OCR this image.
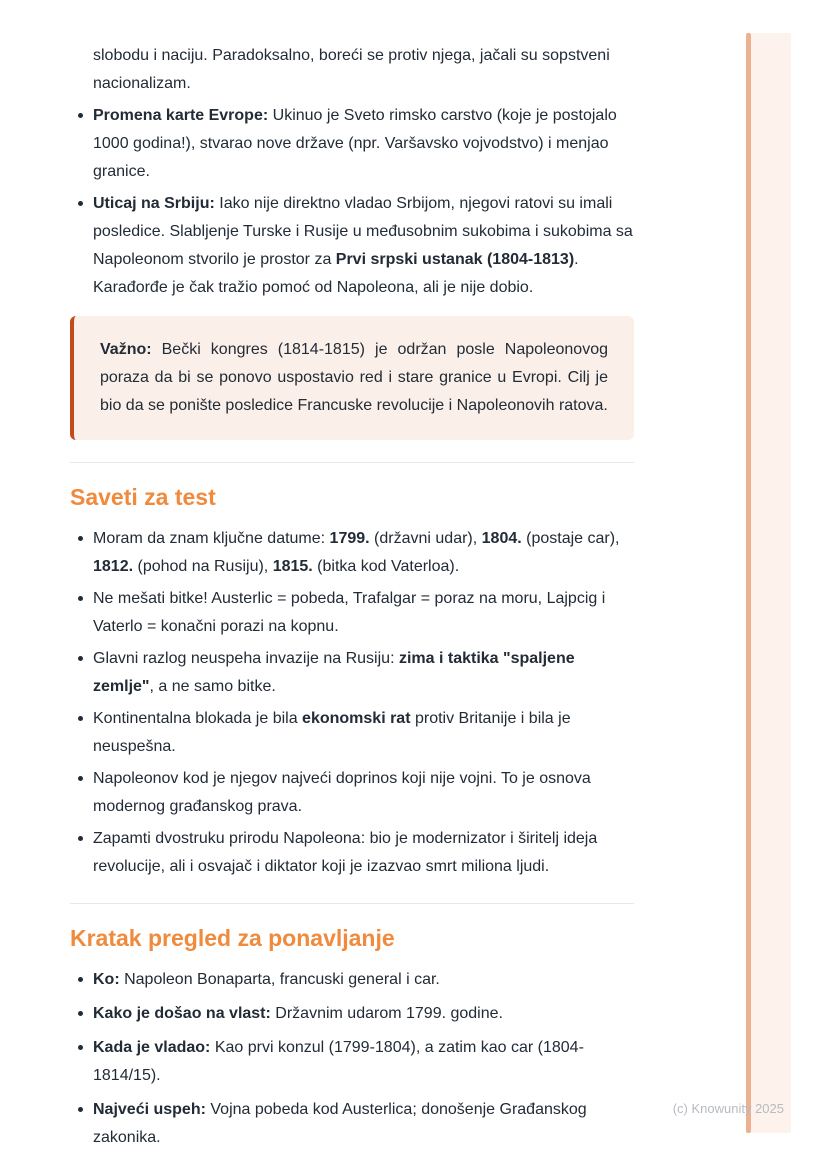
slobodu i naciju. Paradoksalno, boreći se protiv njega, jačali su sopstveni nacionalizam.

Promena karte Evrope: Ukinuo je Sveto rimsko carstvo (koje je postojalo 1000 godina!), stvarao nove države (npr. Varšavsko vojvodstvo) i menjao granice.
Uticaj na Srbiju: Iako nije direktno vladao Srbijom, njegovi ratovi su imali posledice. Slabljenje Turske i Rusije u međusobnim sukobima i sukobima sa Napoleonom stvorilo je prostor za Prvi srpski ustanak (1804-1813). Karađorđe je čak tražio pomoć od Napoleona, ali je nije dobio.

Važno: Bečki kongres (1814-1815) je održan posle Napoleonovog poraza da bi se ponovo uspostavio red i stare granice u Evropi. Cilj je bio da se ponište posledice Francuske revolucije i Napoleonovih ratova.

Saveti za test
Moram da znam ključne datume: 1799. (državni udar), 1804. (postaje car), 1812. (pohod na Rusiju), 1815. (bitka kod Vaterloa).
Ne mešati bitke! Austerlic = pobeda, Trafalgar = poraz na moru, Lajpcig i Vaterlo = konačni porazi na kopnu.
Glavni razlog neuspeha invazije na Rusiju: zima i taktika "spaljene zemlje", a ne samo bitke.
Kontinentalna blokada je bila ekonomski rat protiv Britanije i bila je neuspešna.
Napoleonov kod je njegov najveći doprinos koji nije vojni. To je osnova modernog građanskog prava.
Zapamti dvostruku prirodu Napoleona: bio je modernizator i širitelj ideja revolucije, ali i osvajač i diktator koji je izazvao smrt miliona ljudi.
Kratak pregled za ponavljanje
Ko: Napoleon Bonaparta, francuski general i car.
Kako je došao na vlast: Državnim udarom 1799. godine.
Kada je vladao: Kao prvi konzul (1799-1804), a zatim kao car (1804-1814/15).
Najveći uspeh: Vojna pobeda kod Austerlica; donošenje Građanskog zakonika.
(c) Knowunity 2025
